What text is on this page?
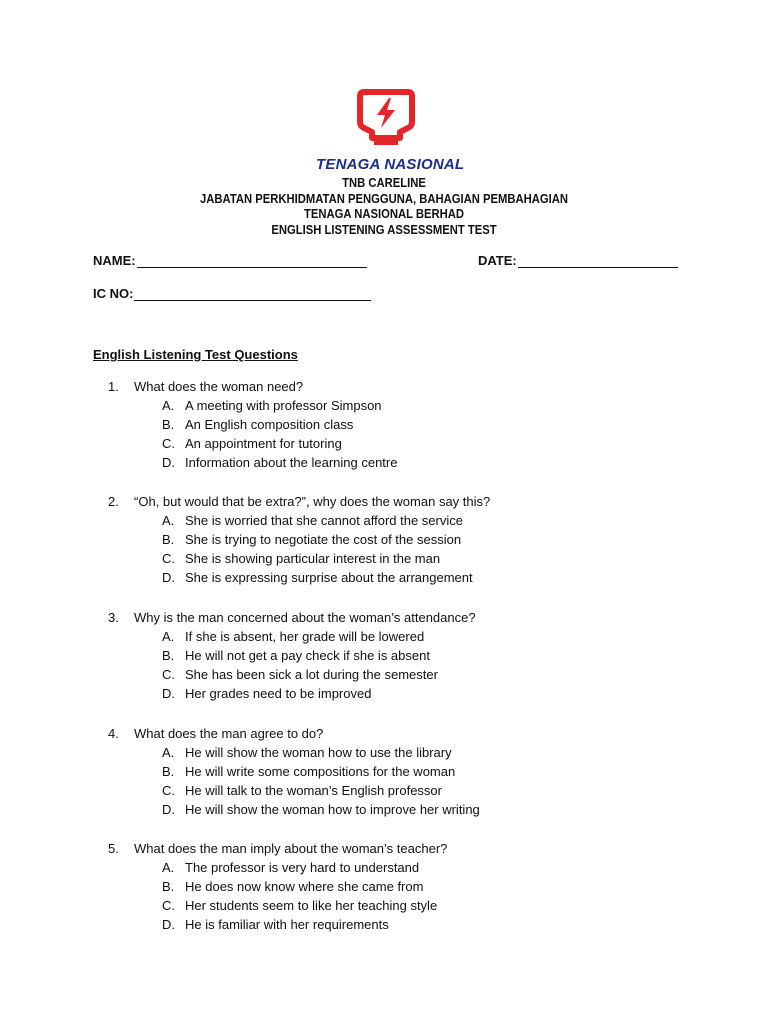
TENAGA NASIONAL
TNB CARELINE
JABATAN PERKHIDMATAN PENGGUNA, BAHAGIAN PEMBAHAGIAN
TENAGA NASIONAL BERHAD
ENGLISH LISTENING ASSESSMENT TEST
NAME:	DATE:
IC NO:
English Listening Test Questions
1.	What does the woman need?
A. A meeting with professor Simpson
B. An English composition class
C. An appointment for tutoring
D. Information about the learning centre
2.	“Oh, but would that be extra?”, why does the woman say this?
A. She is worried that she cannot afford the service
B. She is trying to negotiate the cost of the session
C. She is showing particular interest in the man
D. She is expressing surprise about the arrangement
3.	Why is the man concerned about the woman’s attendance?
A. If she is absent, her grade will be lowered
B. He will not get a pay check if she is absent
C. She has been sick a lot during the semester
D. Her grades need to be improved
4.	What does the man agree to do?
A. He will show the woman how to use the library
B. He will write some compositions for the woman
C. He will talk to the woman’s English professor
D. He will show the woman how to improve her writing
5.	What does the man imply about the woman’s teacher?
A. The professor is very hard to understand
B. He does now know where she came from
C. Her students seem to like her teaching style
D. He is familiar with her requirements
